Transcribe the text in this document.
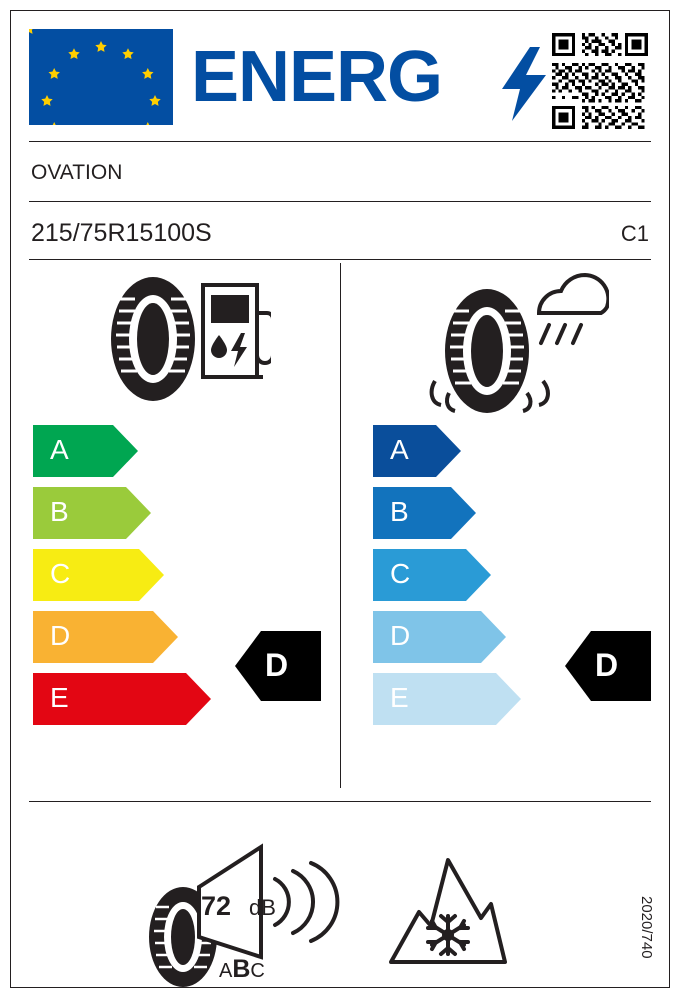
ENERG
OVATION
215/75R15100S	C1
A
B
C
D
E
D
A
B
C
D
E
D
72 dB
ABC
2020/740
